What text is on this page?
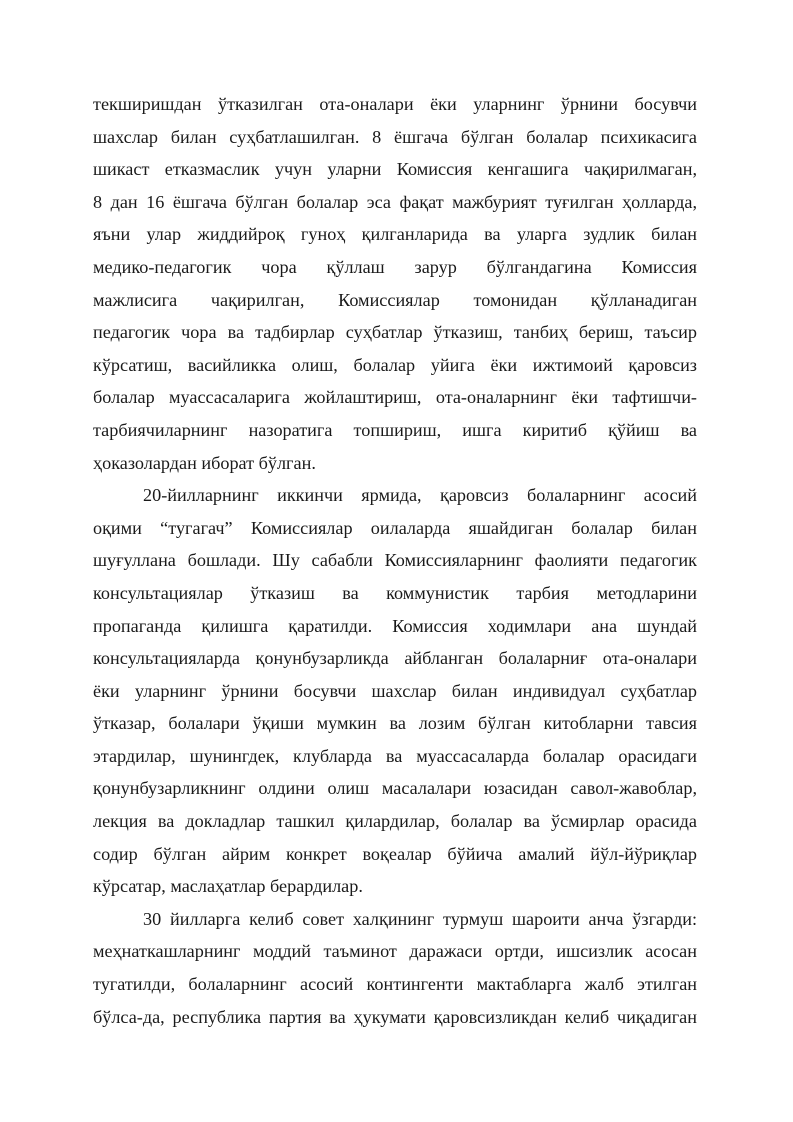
текширишдан ўтказилган ота-оналари ёки уларнинг ўрнини босувчи
шахслар билан суҳбатлашилган. 8 ёшгача бўлган болалар психикасига
шикаст етказмаслик учун уларни Комиссия кенгашига чақирилмаган,
8 дан 16 ёшгача бўлган болалар эса фақат мажбурият туғилган ҳолларда,
яъни улар жиддийроқ гуноҳ қилганларида ва уларга зудлик билан
медико-педагогик чора қўллаш зарур бўлгандагина Комиссия
мажлисига чақирилган, Комиссиялар томонидан қўлланадиган
педагогик чора ва тадбирлар суҳбатлар ўтказиш, танбиҳ бериш, таъсир
кўрсатиш, васийликка олиш, болалар уйига ёки ижтимоий қаровсиз
болалар муассасаларига жойлаштириш, ота-оналарнинг ёки тафтишчи-
тарбиячиларнинг назоратига топшириш, ишга киритиб қўйиш ва
ҳоказолардан иборат бўлган.
20-йилларнинг иккинчи ярмида, қаровсиз болаларнинг асосий
оқими “тугагач” Комиссиялар оилаларда яшайдиган болалар билан
шуғуллана бошлади. Шу сабабли Комиссияларнинг фаолияти педагогик
консультациялар ўтказиш ва коммунистик тарбия методларини
пропаганда қилишга қаратилди. Комиссия ходимлари ана шундай
консультацияларда қонунбузарликда айбланган болаларниғ ота-оналари
ёки уларнинг ўрнини босувчи шахслар билан индивидуал суҳбатлар
ўтказар, болалари ўқиши мумкин ва лозим бўлган китобларни тавсия
этардилар, шунингдек, клубларда ва муассасаларда болалар орасидаги
қонунбузарликнинг олдини олиш масалалари юзасидан савол-жавоблар,
лекция ва докладлар ташкил қилардилар, болалар ва ўсмирлар орасида
содир бўлган айрим конкрет воқеалар бўйича амалий йўл-йўриқлар
кўрсатар, маслаҳатлар берардилар.
30 йилларга келиб совет халқининг турмуш шароити анча ўзгарди:
меҳнаткашларнинг моддий таъминот даражаси ортди, ишсизлик асосан
тугатилди, болаларнинг асосий контингенти мактабларга жалб этилган
бўлса-да, республика партия ва ҳукумати қаровсизликдан келиб чиқадиган
